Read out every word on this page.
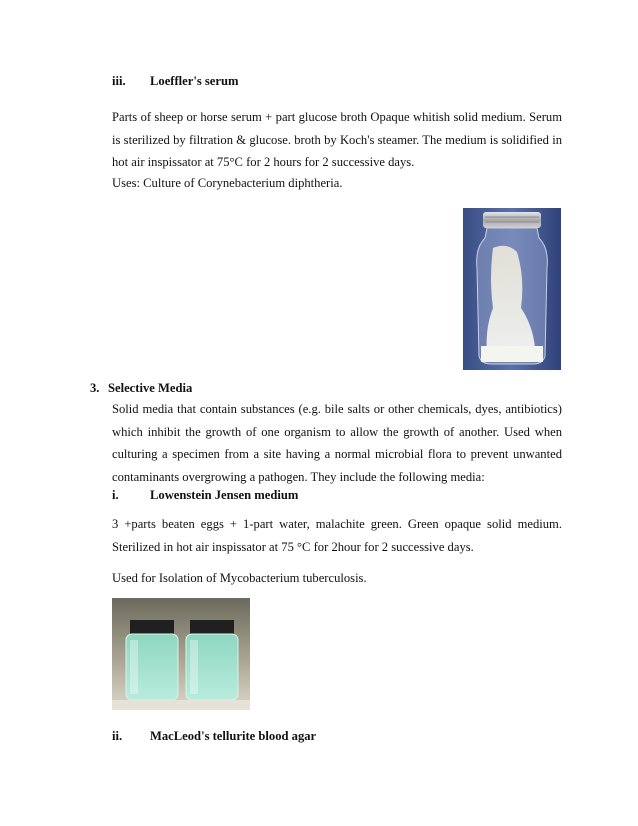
iii. Loeffler's serum
Parts of sheep or horse serum + part glucose broth Opaque whitish solid medium. Serum is sterilized by filtration & glucose. broth by Koch's steamer. The medium is solidified in hot air inspissator at 75°C for 2 hours for 2 successive days.
Uses: Culture of Corynebacterium diphtheria.
3. Selective Media
Solid media that contain substances (e.g. bile salts or other chemicals, dyes, antibiotics) which inhibit the growth of one organism to allow the growth of another. Used when culturing a specimen from a site having a normal microbial flora to prevent unwanted contaminants overgrowing a pathogen. They include the following media:
i. Lowenstein Jensen medium
3 +parts beaten eggs + 1-part water, malachite green. Green opaque solid medium. Sterilized in hot air inspissator at 75 °C for 2hour for 2 successive days.
Used for Isolation of Mycobacterium tuberculosis.
ii. MacLeod's tellurite blood agar
